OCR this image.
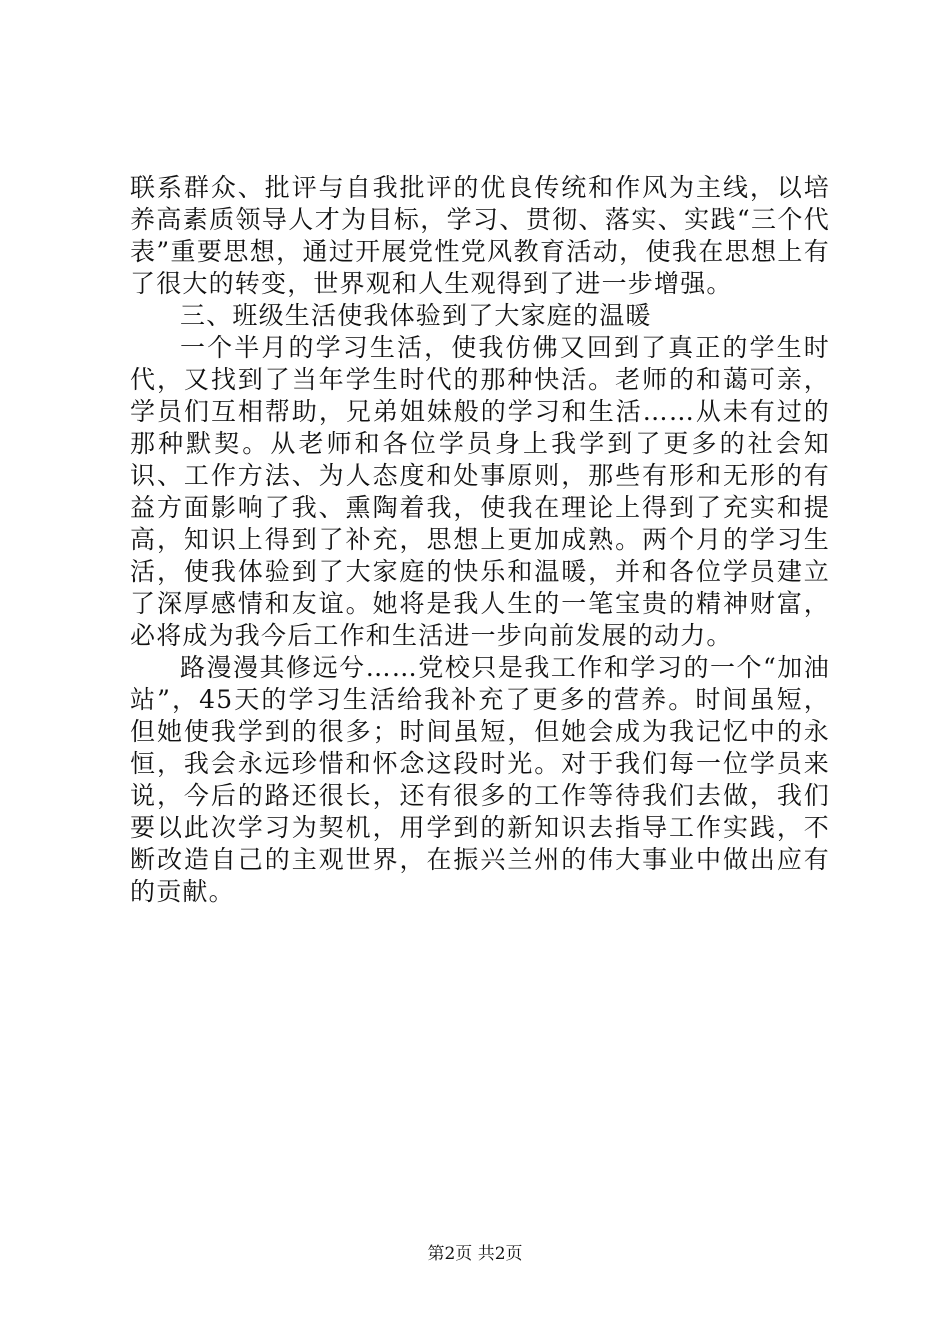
联系群众、批评与自我批评的优良传统和作风为主线，以培养高素质领导人才为目标，学习、贯彻、落实、实践“三个代表”重要思想，通过开展党性党风教育活动，使我在思想上有了很大的转变，世界观和人生观得到了进一步增强。

三、班级生活使我体验到了大家庭的温暖

一个半月的学习生活，使我仿佛又回到了真正的学生时代，又找到了当年学生时代的那种快活。老师的和蔼可亲，学员们互相帮助，兄弟姐妹般的学习和生活……从未有过的那种默契。从老师和各位学员身上我学到了更多的社会知识、工作方法、为人态度和处事原则，那些有形和无形的有益方面影响了我、熏陶着我，使我在理论上得到了充实和提高，知识上得到了补充，思想上更加成熟。两个月的学习生活，使我体验到了大家庭的快乐和温暖，并和各位学员建立了深厚感情和友谊。她将是我人生的一笔宝贵的精神财富，必将成为我今后工作和生活进一步向前发展的动力。

路漫漫其修远兮……党校只是我工作和学习的一个“加油站”，45天的学习生活给我补充了更多的营养。时间虽短，但她使我学到的很多；时间虽短，但她会成为我记忆中的永恒，我会永远珍惜和怀念这段时光。对于我们每一位学员来说，今后的路还很长，还有很多的工作等待我们去做，我们要以此次学习为契机，用学到的新知识去指导工作实践，不断改造自己的主观世界，在振兴兰州的伟大事业中做出应有的贡献。

第2页 共2页
